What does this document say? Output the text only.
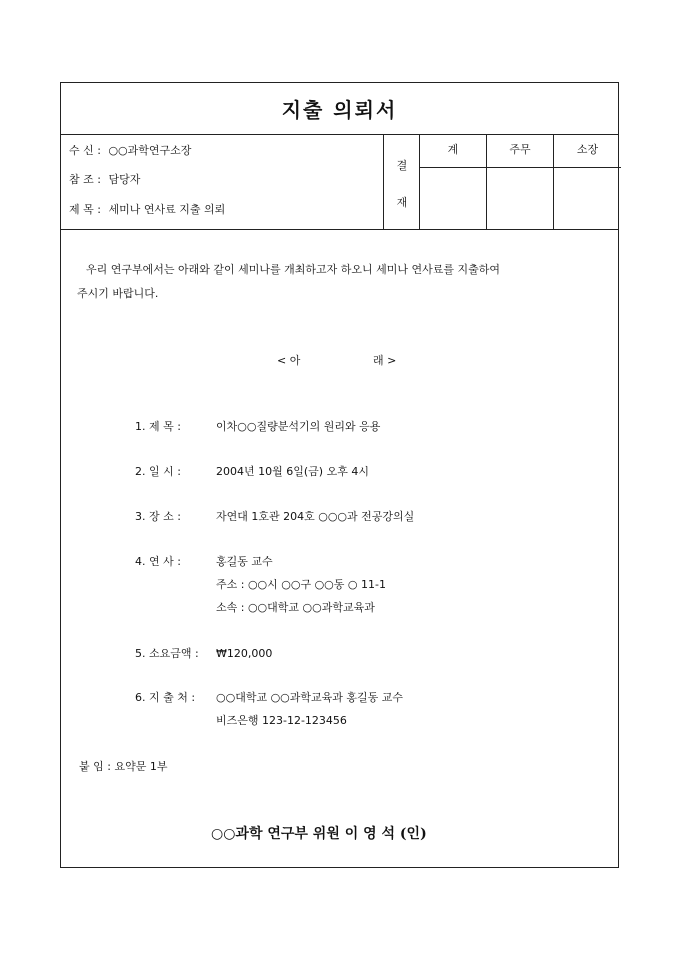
지출 의뢰서
수 신 : ○○과학연구소장
참 조 : 담당자
제 목 : 세미나 연사료 지출 의뢰
결
재
계	주무	소장
우리 연구부에서는 아래와 같이 세미나를 개최하고자 하오니 세미나 연사료를 지출하여
주시기 바랍니다.
< 아	래 >
1. 제 목 :	이차○○질량분석기의 원리와 응용
2. 일 시 :	2004년 10월 6일(금) 오후 4시
3. 장 소 :	자연대 1호관 204호 ○○○과 전공강의실
4. 연 사 :	홍길동 교수
주소 : ○○시 ○○구 ○○동 ○ 11-1
소속 : ○○대학교 ○○과학교육과
5. 소요금액 : ₩120,000
6. 지 출 처 : ○○대학교 ○○과학교육과 홍길동 교수
비즈은행 123-12-123456
붙 임 : 요약문 1부
○○과학 연구부 위원 이 영 석 (인)
